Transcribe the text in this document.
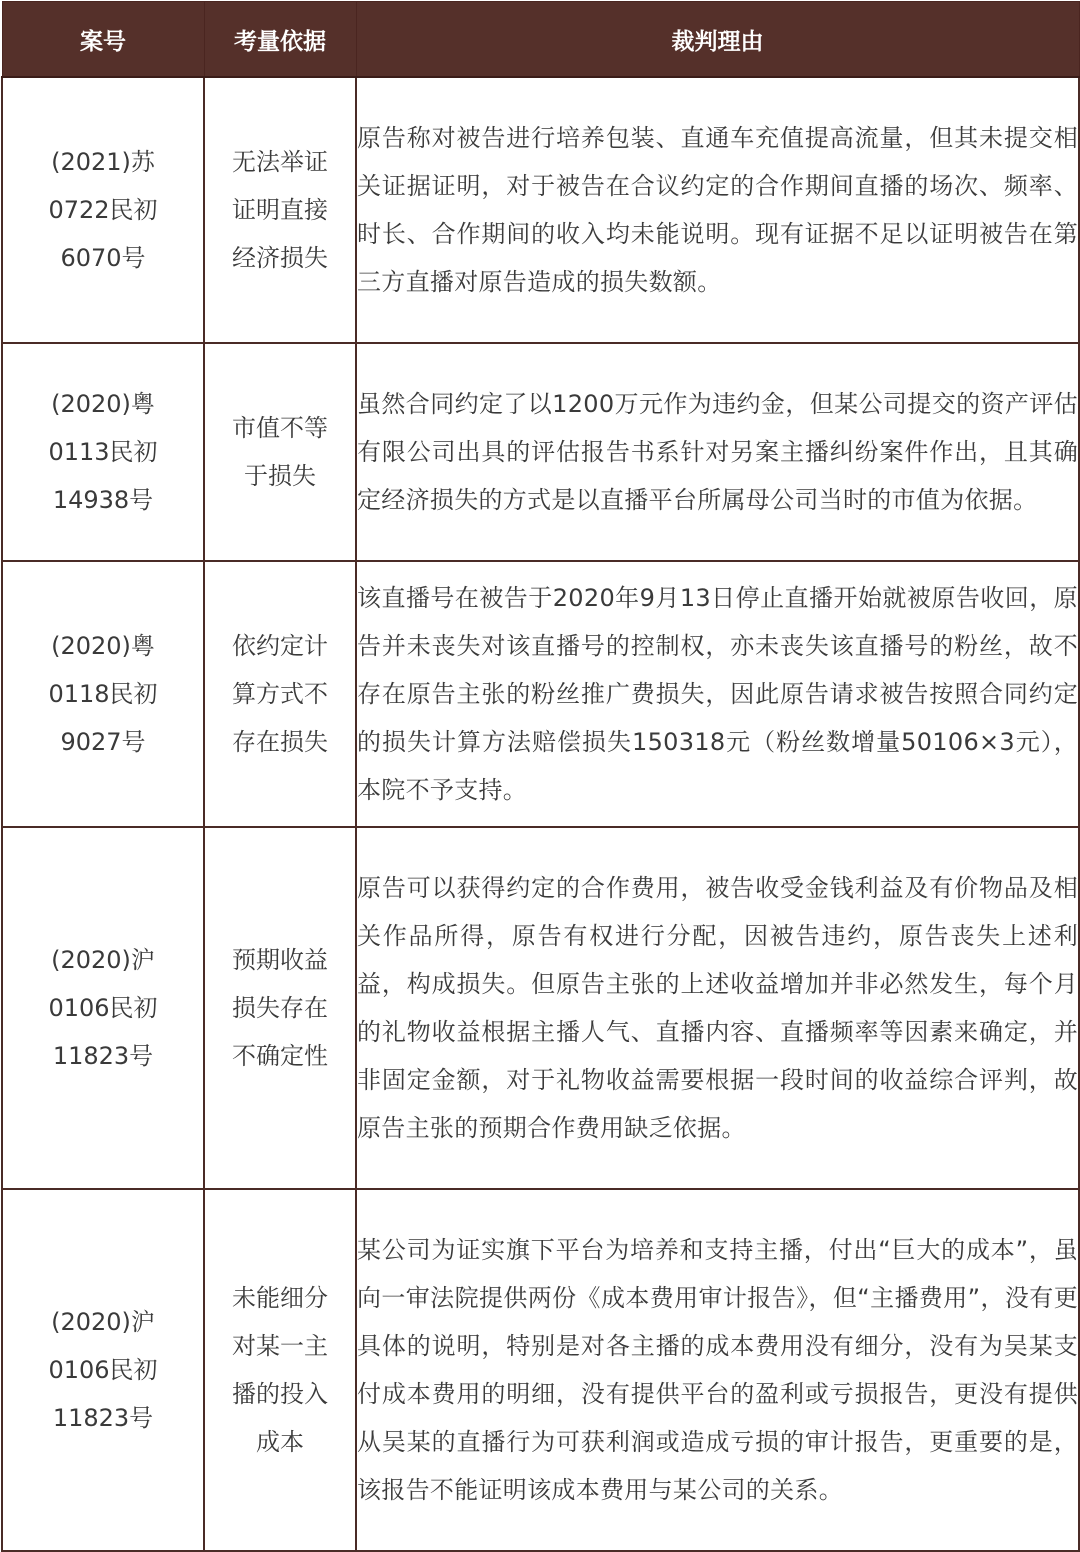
案号	考量依据	裁判理由

(2021)苏
0722民初
6070号	无法举证
证明直接
经济损失	原告称对被告进行培养包装、直通车充值提高流量，但其未提交相关证据证明，对于被告在合议约定的合作期间直播的场次、频率、时长、合作期间的收入均未能说明。现有证据不足以证明被告在第三方直播对原告造成的损失数额。

(2020)粤
0113民初
14938号	市值不等
于损失	虽然合同约定了以1200万元作为违约金，但某公司提交的资产评估有限公司出具的评估报告书系针对另案主播纠纷案件作出，且其确定经济损失的方式是以直播平台所属母公司当时的市值为依据。

(2020)粤
0118民初
9027号	依约定计
算方式不
存在损失	该直播号在被告于2020年9月13日停止直播开始就被原告收回，原告并未丧失对该直播号的控制权，亦未丧失该直播号的粉丝，故不存在原告主张的粉丝推广费损失，因此原告请求被告按照合同约定的损失计算方法赔偿损失150318元（粉丝数增量50106×3元），本院不予支持。

(2020)沪
0106民初
11823号	预期收益
损失存在
不确定性	原告可以获得约定的合作费用，被告收受金钱利益及有价物品及相关作品所得，原告有权进行分配，因被告违约，原告丧失上述利益，构成损失。但原告主张的上述收益增加并非必然发生，每个月的礼物收益根据主播人气、直播内容、直播频率等因素来确定，并非固定金额，对于礼物收益需要根据一段时间的收益综合评判，故原告主张的预期合作费用缺乏依据。

(2020)沪
0106民初
11823号	未能细分
对某一主
播的投入
成本	某公司为证实旗下平台为培养和支持主播，付出“巨大的成本”，虽向一审法院提供两份《成本费用审计报告》，但“主播费用”，没有更具体的说明，特别是对各主播的成本费用没有细分，没有为吴某支付成本费用的明细，没有提供平台的盈利或亏损报告，更没有提供从吴某的直播行为可获利润或造成亏损的审计报告，更重要的是，该报告不能证明该成本费用与某公司的关系。
